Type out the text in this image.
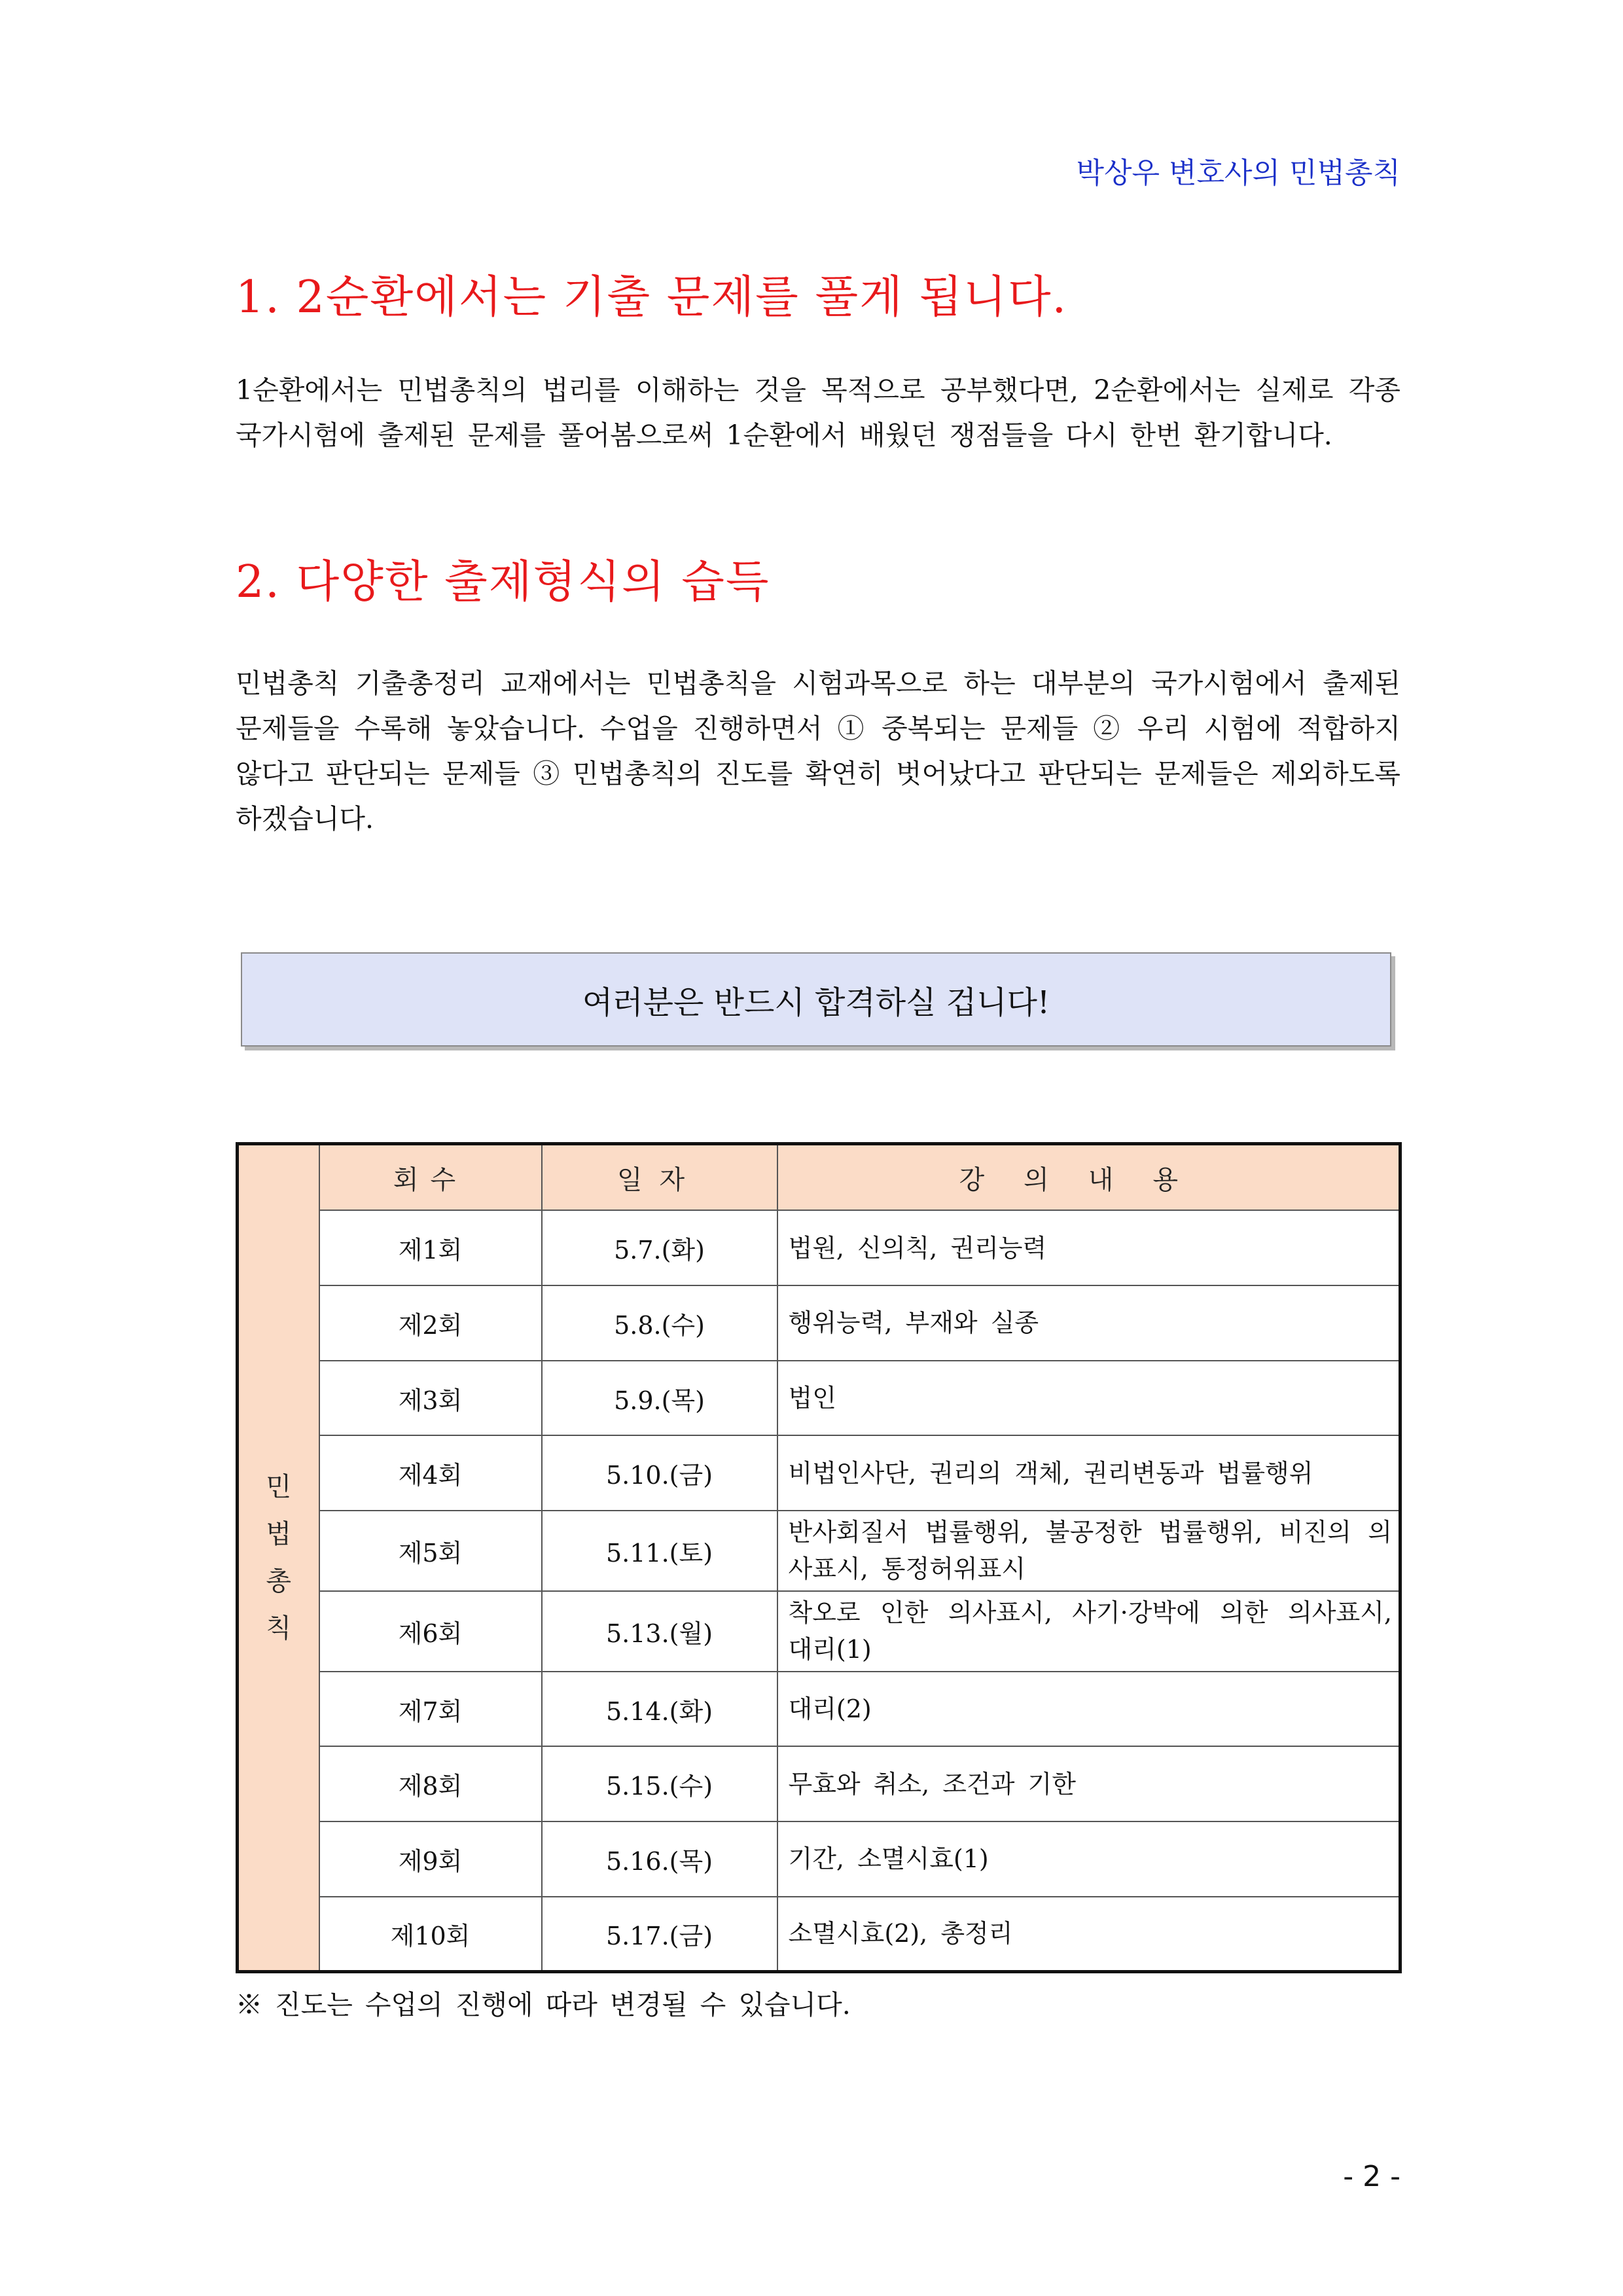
박상우 변호사의 민법총칙
1. 2순환에서는 기출 문제를 풀게 됩니다.
1순환에서는 민법총칙의 법리를 이해하는 것을 목적으로 공부했다면, 2순환에서는 실제로 각종 국가시험에 출제된 문제를 풀어봄으로써 1순환에서 배웠던 쟁점들을 다시 한번 환기합니다.
2. 다양한 출제형식의 습득
민법총칙 기출총정리 교재에서는 민법총칙을 시험과목으로 하는 대부분의 국가시험에서 출제된 문제들을 수록해 놓았습니다. 수업을 진행하면서 ① 중복되는 문제들 ② 우리 시험에 적합하지 않다고 판단되는 문제들 ③ 민법총칙의 진도를 확연히 벗어났다고 판단되는 문제들은 제외하도록 하겠습니다.
여러분은 반드시 합격하실 겁니다!
민
법
총
칙	회수	일자	강의내용
	제1회	5.7.(화)	법원, 신의칙, 권리능력
	제2회	5.8.(수)	행위능력, 부재와 실종
	제3회	5.9.(목)	법인
	제4회	5.10.(금)	비법인사단, 권리의 객체, 권리변동과 법률행위
	제5회	5.11.(토)	반사회질서 법률행위, 불공정한 법률행위, 비진의 의사표시, 통정허위표시
	제6회	5.13.(월)	착오로 인한 의사표시, 사기·강박에 의한 의사표시, 대리(1)
	제7회	5.14.(화)	대리(2)
	제8회	5.15.(수)	무효와 취소, 조건과 기한
	제9회	5.16.(목)	기간, 소멸시효(1)
	제10회	5.17.(금)	소멸시효(2), 총정리
※ 진도는 수업의 진행에 따라 변경될 수 있습니다.
- 2 -
